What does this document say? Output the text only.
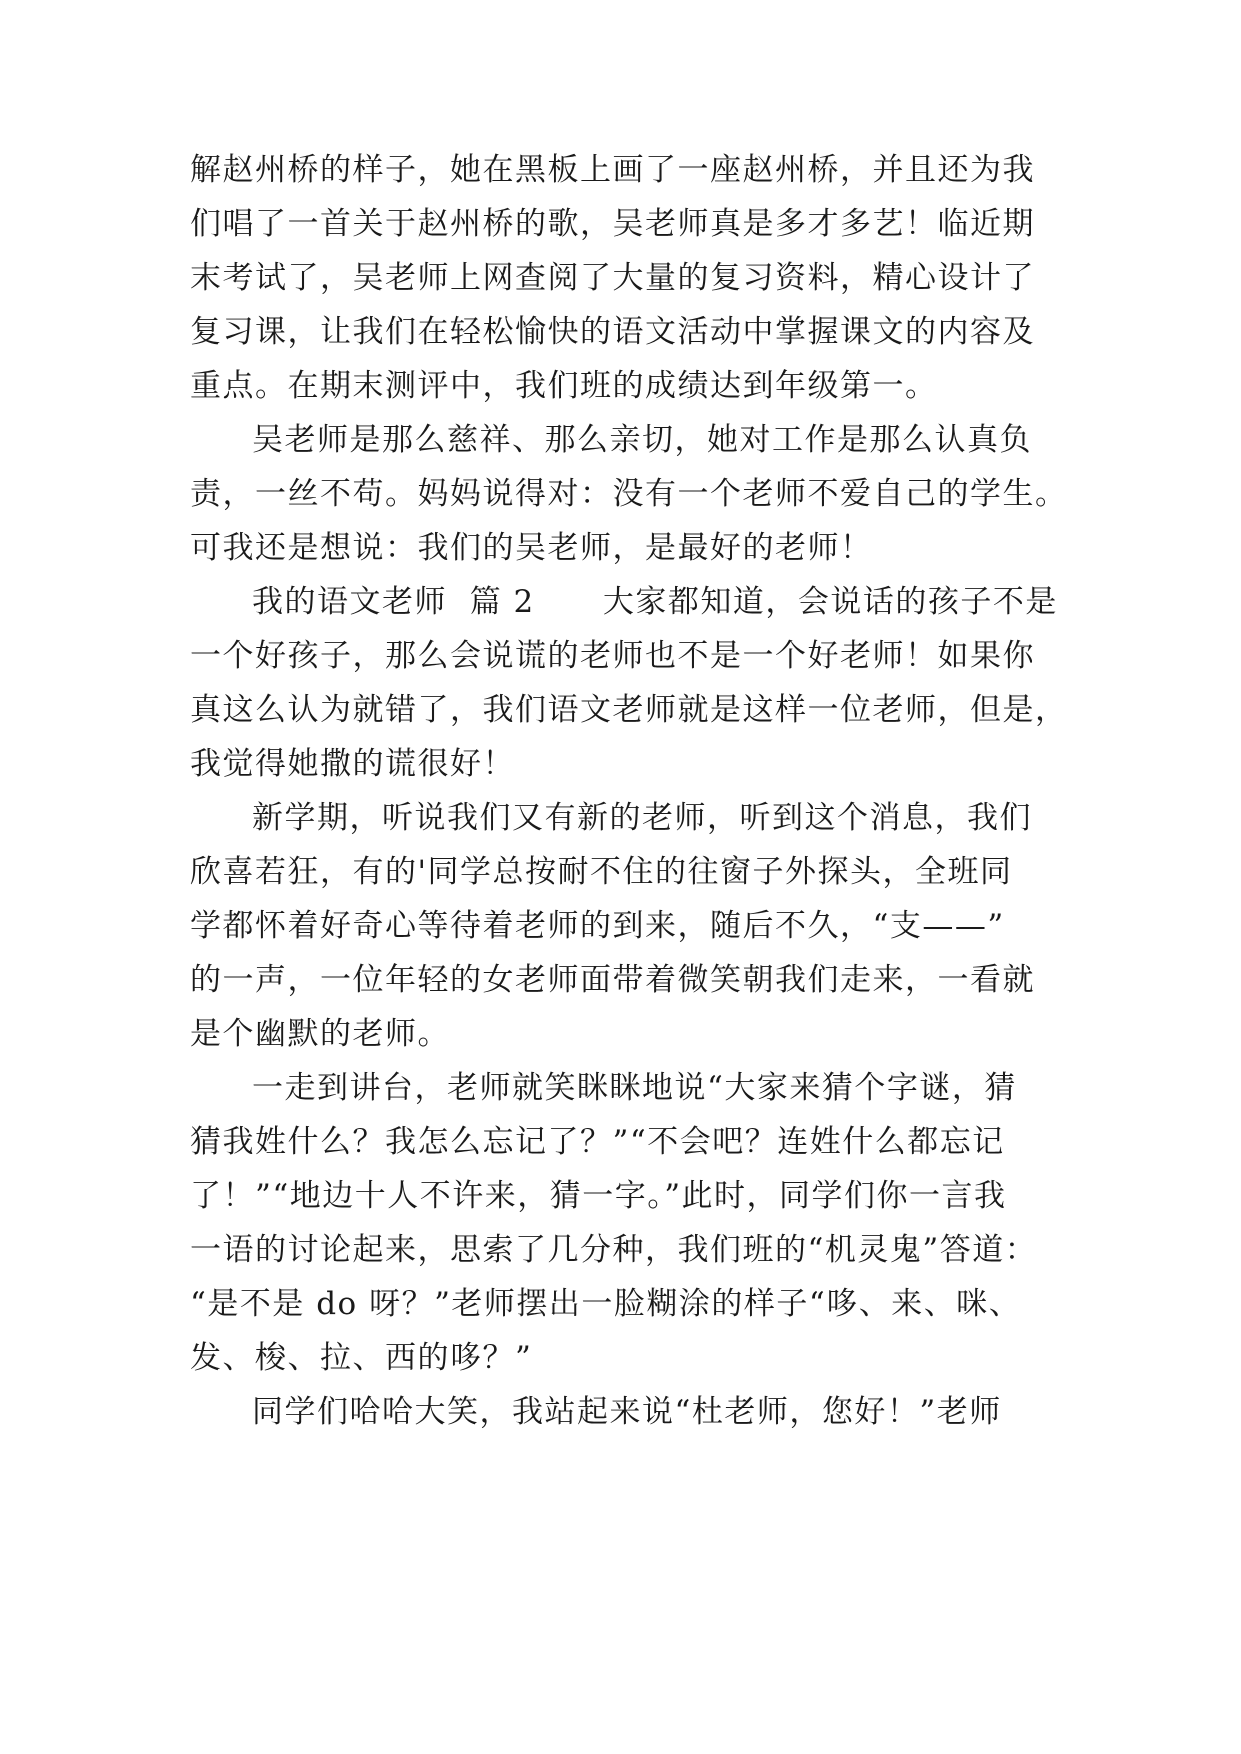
解赵州桥的样子，她在黑板上画了一座赵州桥，并且还为我
们唱了一首关于赵州桥的歌，吴老师真是多才多艺！临近期
末考试了，吴老师上网查阅了大量的复习资料，精心设计了
复习课，让我们在轻松愉快的语文活动中掌握课文的内容及
重点。在期末测评中，我们班的成绩达到年级第一。
吴老师是那么慈祥、那么亲切，她对工作是那么认真负
责，一丝不苟。妈妈说得对：没有一个老师不爱自己的学生。
可我还是想说：我们的吴老师，是最好的老师！
我的语文老师  篇 2      大家都知道，会说话的孩子不是
一个好孩子，那么会说谎的老师也不是一个好老师！如果你
真这么认为就错了，我们语文老师就是这样一位老师，但是，
我觉得她撒的谎很好！
新学期，听说我们又有新的老师，听到这个消息，我们
欣喜若狂，有的'同学总按耐不住的往窗子外探头，全班同
学都怀着好奇心等待着老师的到来，随后不久，“支——”
的一声，一位年轻的女老师面带着微笑朝我们走来，一看就
是个幽默的老师。
一走到讲台，老师就笑眯眯地说“大家来猜个字谜，猜
猜我姓什么？我怎么忘记了？”“不会吧？连姓什么都忘记
了！”“地边十人不许来，猜一字。”此时，同学们你一言我
一语的讨论起来，思索了几分种，我们班的“机灵鬼”答道：
“是不是 do 呀？”老师摆出一脸糊涂的样子“哆、来、咪、
发、梭、拉、西的哆？”
同学们哈哈大笑，我站起来说“杜老师，您好！”老师
